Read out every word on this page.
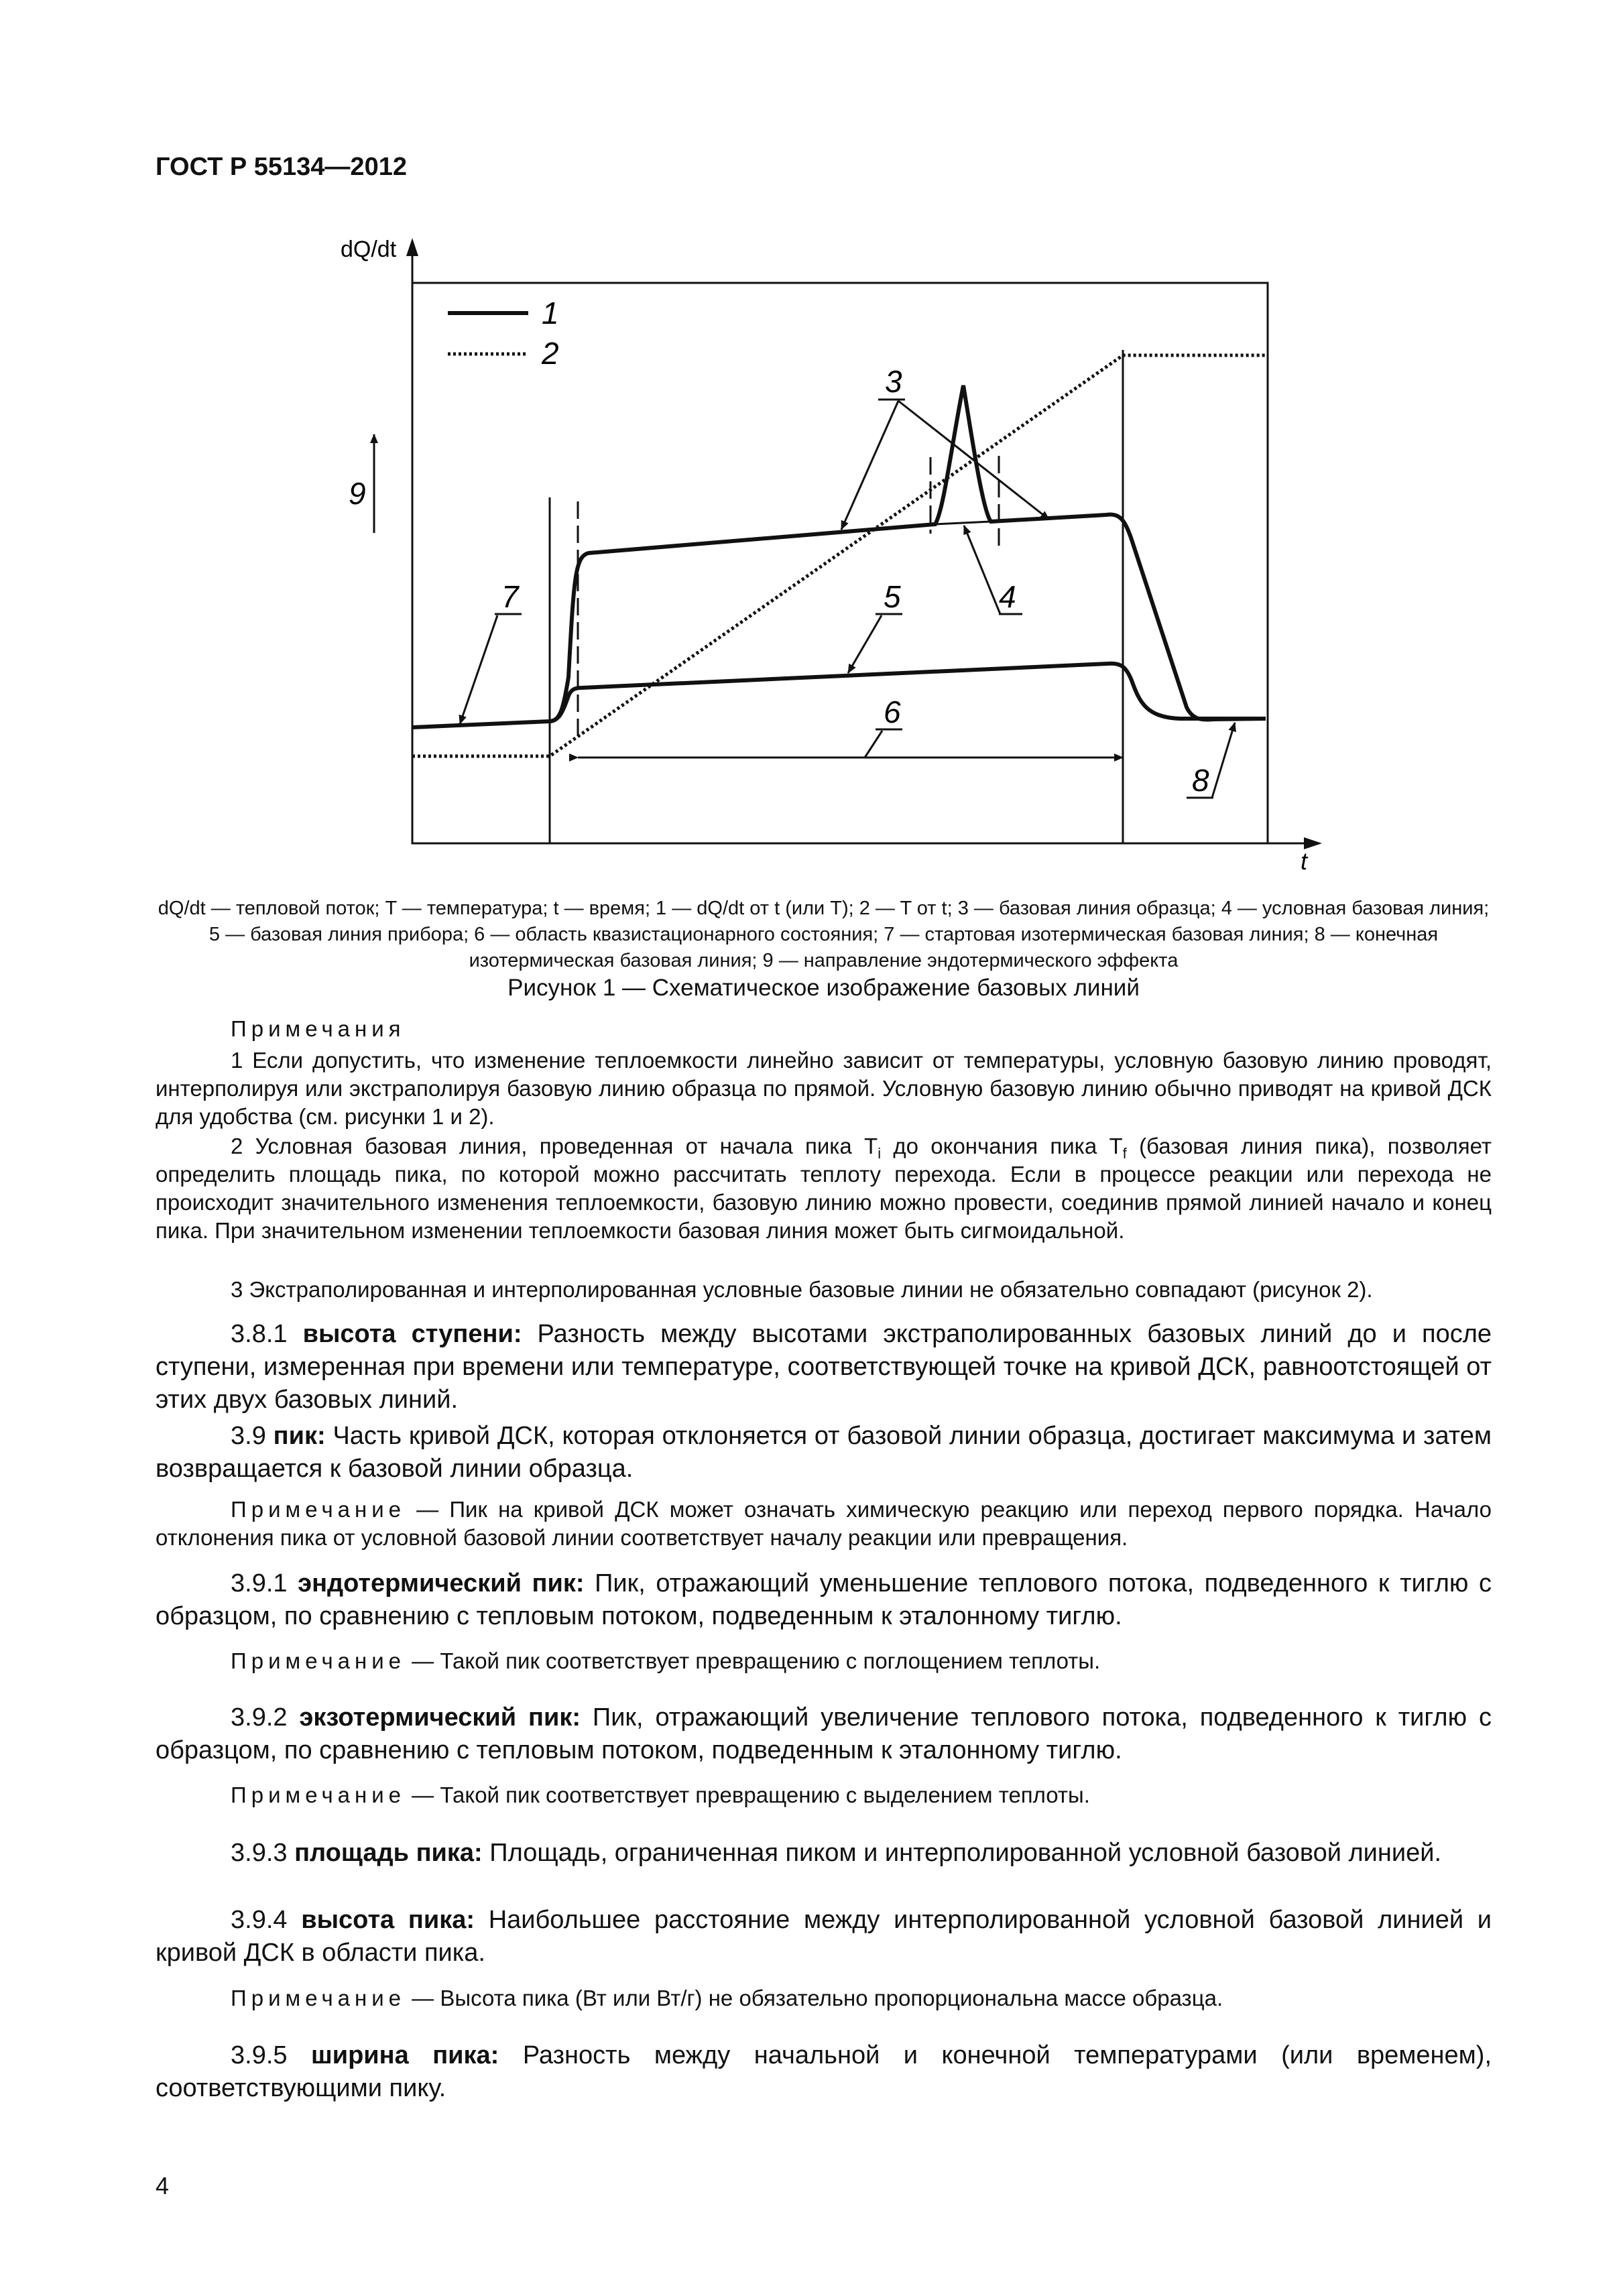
ГОСТ Р 55134—2012
dQ/dt
t
1
2
9
3
4
5
6
7
8
dQ/dt — тепловой поток; T — температура; t — время; 1 — dQ/dt от t (или T); 2 — T от t; 3 — базовая линия образца; 4 — условная базовая линия; 5 — базовая линия прибора; 6 — область квазистационарного состояния; 7 — стартовая изотермическая базовая линия; 8 — конечная изотермическая базовая линия; 9 — направление эндотермического эффекта
Рисунок 1 — Схематическое изображение базовых линий
Примечания

1 Если допустить, что изменение теплоемкости линейно зависит от температуры, условную базовую линию проводят, интерполируя или экстраполируя базовую линию образца по прямой. Условную базовую линию обычно приводят на кривой ДСК для удобства (см. рисунки 1 и 2).

2 Условная базовая линия, проведенная от начала пика $T_i$ до окончания пика $T_f$ (базовая линия пика), позволяет определить площадь пика, по которой можно рассчитать теплоту перехода. Если в процессе реакции или перехода не происходит значительного изменения теплоемкости, базовую линию можно провести, соединив прямой линией начало и конец пика. При значительном изменении теплоемкости базовая линия может быть сигмоидальной.

3 Экстраполированная и интерполированная условные базовые линии не обязательно совпадают (рисунок 2).

3.8.1 высота ступени: Разность между высотами экстраполированных базовых линий до и после ступени, измеренная при времени или температуре, соответствующей точке на кривой ДСК, равноотстоящей от этих двух базовых линий.

3.9 пик: Часть кривой ДСК, которая отклоняется от базовой линии образца, достигает максимума и затем возвращается к базовой линии образца.

Примечание — Пик на кривой ДСК может означать химическую реакцию или переход первого порядка. Начало отклонения пика от условной базовой линии соответствует началу реакции или превращения.

3.9.1 эндотермический пик: Пик, отражающий уменьшение теплового потока, подведенного к тиглю с образцом, по сравнению с тепловым потоком, подведенным к эталонному тиглю.

Примечание — Такой пик соответствует превращению с поглощением теплоты.

3.9.2 экзотермический пик: Пик, отражающий увеличение теплового потока, подведенного к тиглю с образцом, по сравнению с тепловым потоком, подведенным к эталонному тиглю.

Примечание — Такой пик соответствует превращению с выделением теплоты.

3.9.3 площадь пика: Площадь, ограниченная пиком и интерполированной условной базовой линией.

3.9.4 высота пика: Наибольшее расстояние между интерполированной условной базовой линией и кривой ДСК в области пика.

Примечание — Высота пика (Вт или Вт/г) не обязательно пропорциональна массе образца.

3.9.5 ширина пика: Разность между начальной и конечной температурами (или временем), соответствующими пику.

4
